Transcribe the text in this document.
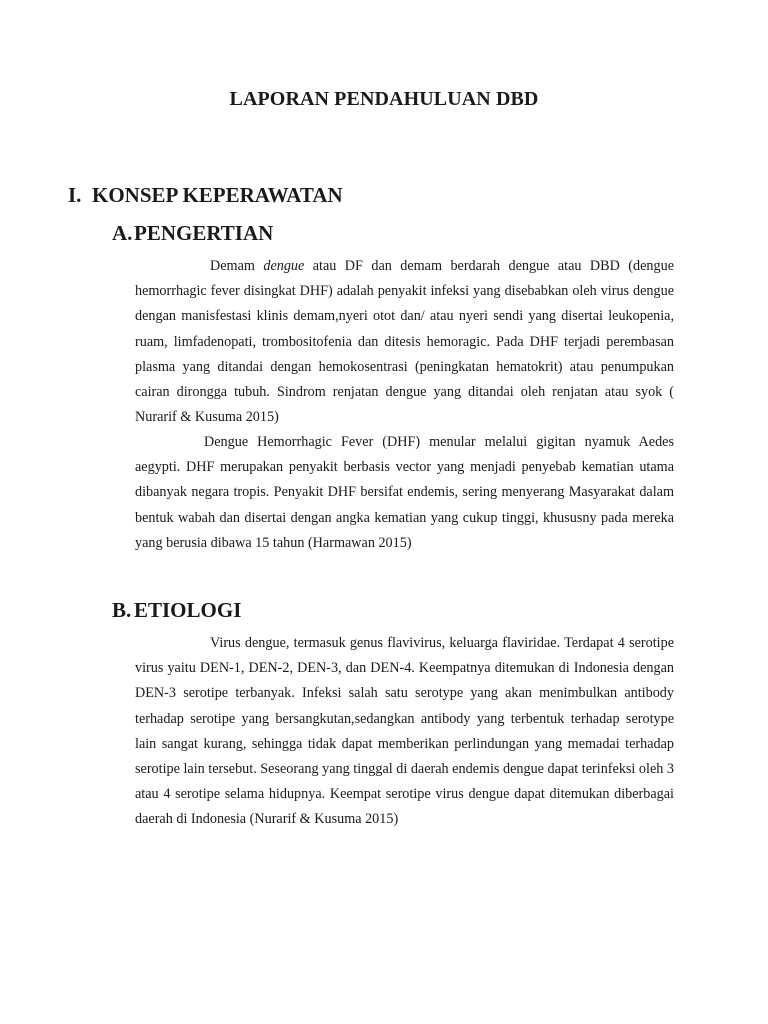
LAPORAN PENDAHULUAN DBD
I. KONSEP KEPERAWATAN
A.PENGERTIAN

Demam dengue atau DF dan demam berdarah dengue atau DBD (dengue hemorrhagic fever disingkat DHF) adalah penyakit infeksi yang disebabkan oleh virus dengue dengan manisfestasi klinis demam,nyeri otot dan/ atau nyeri sendi yang disertai leukopenia, ruam, limfadenopati, trombositofenia dan ditesis hemoragic. Pada DHF terjadi perembasan plasma yang ditandai dengan hemokosentrasi (peningkatan hematokrit) atau penumpukan cairan dirongga tubuh. Sindrom renjatan dengue yang ditandai oleh renjatan atau syok ( Nurarif & Kusuma 2015)

Dengue Hemorrhagic Fever (DHF) menular melalui gigitan nyamuk Aedes aegypti. DHF merupakan penyakit berbasis vector yang menjadi penyebab kematian utama dibanyak negara tropis. Penyakit DHF bersifat endemis, sering menyerang Masyarakat dalam bentuk wabah dan disertai dengan angka kematian yang cukup tinggi, khususny pada mereka yang berusia dibawa 15 tahun (Harmawan 2015)

B. ETIOLOGI

Virus dengue, termasuk genus flavivirus, keluarga flaviridae. Terdapat 4 serotipe virus yaitu DEN-1, DEN-2, DEN-3, dan DEN-4. Keempatnya ditemukan di Indonesia dengan DEN-3 serotipe terbanyak. Infeksi salah satu serotype yang akan menimbulkan antibody terhadap serotipe yang bersangkutan,sedangkan antibody yang terbentuk terhadap serotype lain sangat kurang, sehingga tidak dapat memberikan perlindungan yang memadai terhadap serotipe lain tersebut. Seseorang yang tinggal di daerah endemis dengue dapat terinfeksi oleh 3 atau 4 serotipe selama hidupnya. Keempat serotipe virus dengue dapat ditemukan diberbagai daerah di Indonesia (Nurarif & Kusuma 2015)
